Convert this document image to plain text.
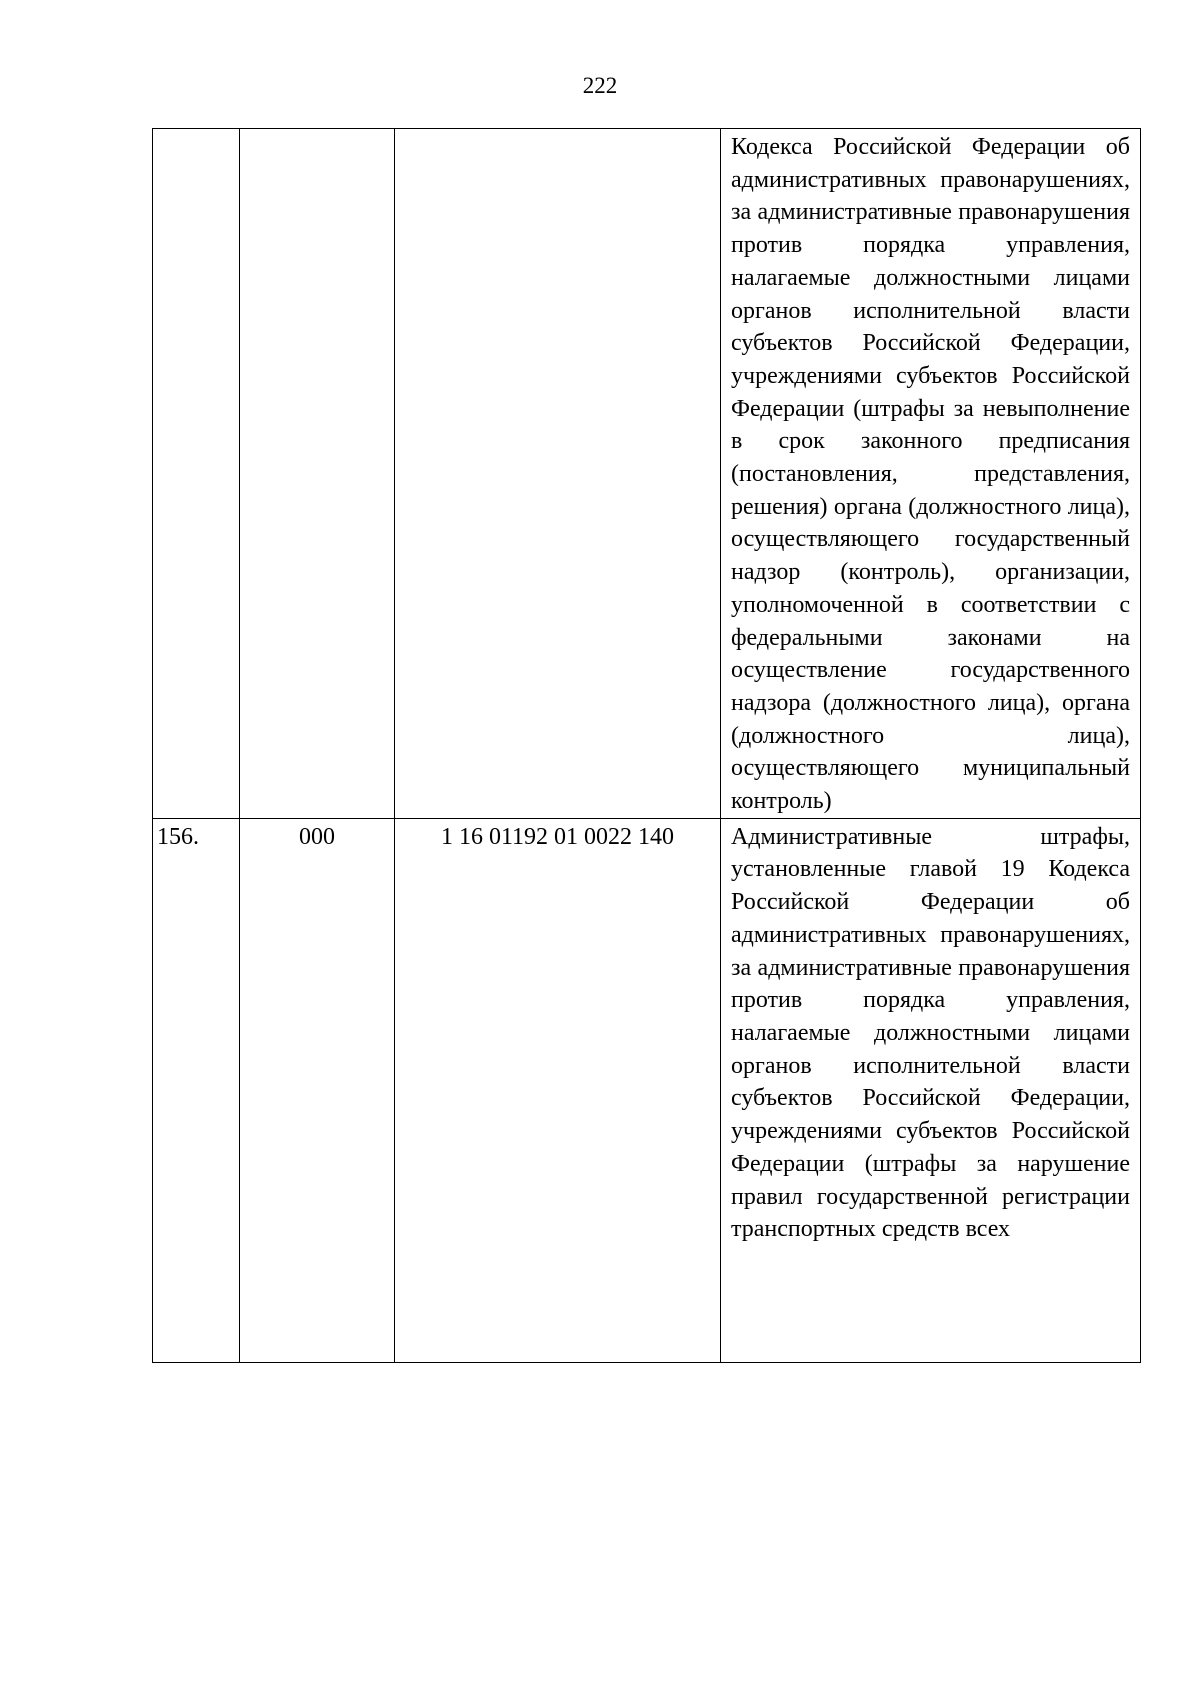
222
			Кодекса Российской Федерации об административных правонарушениях, за административные правонарушения против порядка управления, налагаемые должностными лицами органов исполнительной власти субъектов Российской Федерации, учреждениями субъектов Российской Федерации (штрафы за невыполнение в срок законного предписания (постановления, представления, решения) органа (должностного лица), осуществляющего государственный надзор (контроль), организации, уполномоченной в соответствии с федеральными законами на осуществление государственного надзора (должностного лица), органа (должностного лица), осуществляющего муниципальный контроль)
156.	000	1 16 01192 01 0022 140	Административные штрафы, установленные главой 19 Кодекса Российской Федерации об административных правонарушениях, за административные правонарушения против порядка управления, налагаемые должностными лицами органов исполнительной власти субъектов Российской Федерации, учреждениями субъектов Российской Федерации (штрафы за нарушение правил государственной регистрации транспортных средств всех
